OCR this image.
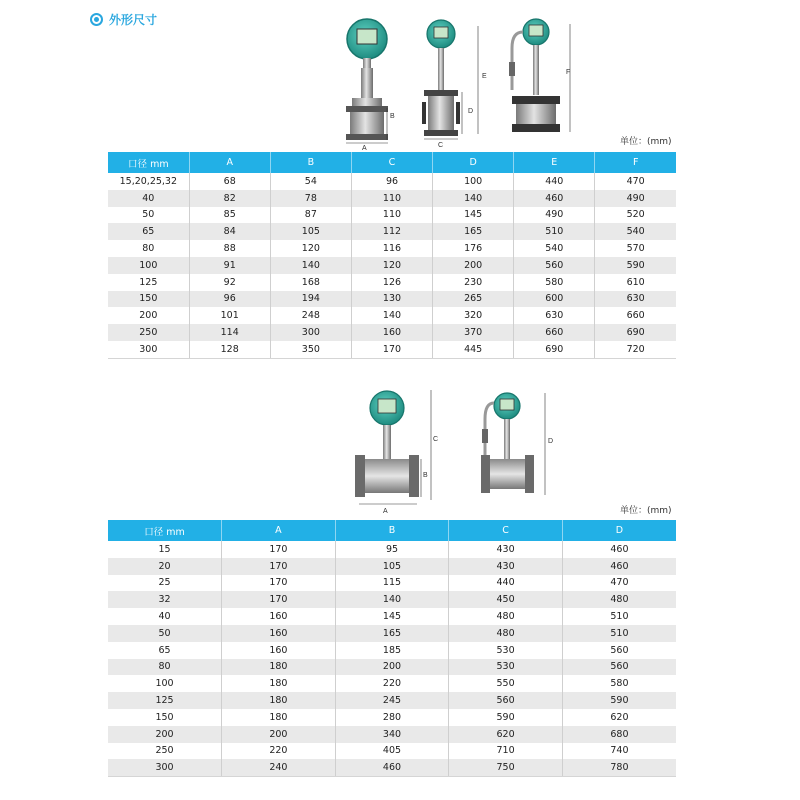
外形尺寸
B
A
D
E
C
F
单位：(mm)
口径 mm	A	B	C	D	E	F
15,20,25,32	68	54	96	100	440	470
40	82	78	110	140	460	490
50	85	87	110	145	490	520
65	84	105	112	165	510	540
80	88	120	116	176	540	570
100	91	140	120	200	560	590
125	92	168	126	230	580	610
150	96	194	130	265	600	630
200	101	248	140	320	630	660
250	114	300	160	370	660	690
300	128	350	170	445	690	720
C
B
A
D
单位：(mm)
口径 mm	A	B	C	D
15	170	95	430	460
20	170	105	430	460
25	170	115	440	470
32	170	140	450	480
40	160	145	480	510
50	160	165	480	510
65	160	185	530	560
80	180	200	530	560
100	180	220	550	580
125	180	245	560	590
150	180	280	590	620
200	200	340	620	680
250	220	405	710	740
300	240	460	750	780
